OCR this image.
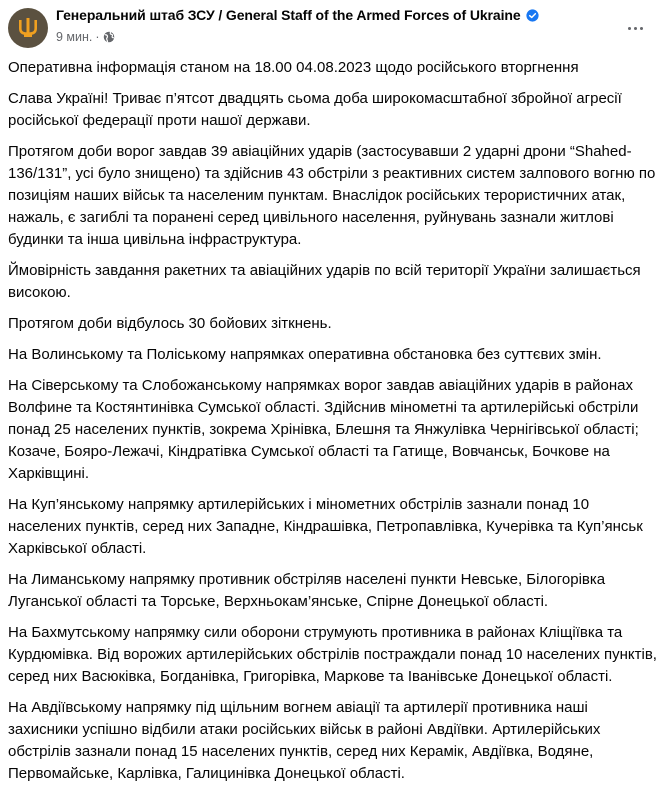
Генеральний штаб ЗСУ / General Staff of the Armed Forces of Ukraine
9 мин. ·

Оперативна інформація станом на 18.00 04.08.2023 щодо російського вторгнення

Слава Україні! Триває п’ятсот двадцять сьома доба широкомасштабної збройної агресії російської федерації проти нашої держави.

Протягом доби ворог завдав 39 авіаційних ударів (застосувавши 2 ударні дрони “Shahed-136/131”, усі було знищено) та здійснив 43 обстріли з реактивних систем залпового вогню по позиціям наших військ та населеним пунктам. Внаслідок російських терористичних атак, нажаль, є загиблі та поранені серед цивільного населення, руйнувань зазнали житлові будинки та інша цивільна інфраструктура.

Ймовірність завдання ракетних та авіаційних ударів по всій території України залишається високою.

Протягом доби відбулось 30 бойових зіткнень.

На Волинському та Поліському напрямках оперативна обстановка без суттєвих змін.

На Сіверському та Слобожанському напрямках ворог завдав авіаційних ударів в районах Волфине та Костянтинівка Сумської області. Здійснив мінометні та артилерійські обстріли понад 25 населених пунктів, зокрема Хрінівка, Блешня та Янжулівка Чернігівської області; Козаче, Бояро-Лежачі, Кіндратівка Сумської області та Гатище, Вовчанськ, Бочкове на Харківщині.

На Куп’янському напрямку артилерійських і мінометних обстрілів зазнали понад 10 населених пунктів, серед них Западне, Кіндрашівка, Петропавлівка, Кучерівка та Куп’янськ Харківської області.

На Лиманському напрямку противник обстріляв населені пункти Невське, Білогорівка Луганської області та Торське, Верхньокам’янське, Спірне Донецької області.

На Бахмутському напрямку сили оборони струмують противника в районах Кліщіївка та Курдюмівка. Від ворожих артилерійських обстрілів постраждали понад 10 населених пунктів, серед них Васюківка, Богданівка, Григорівка, Маркове та Іванівське Донецької області.

На Авдіївському напрямку під щільним вогнем авіації та артилерії противника наші захисники успішно відбили атаки російських військ в районі Авдіївки. Артилерійських обстрілів зазнали понад 15 населених пунктів, серед них Керамік, Авдіївка, Водяне, Первомайське, Карлівка, Галицинівка Донецької області.
